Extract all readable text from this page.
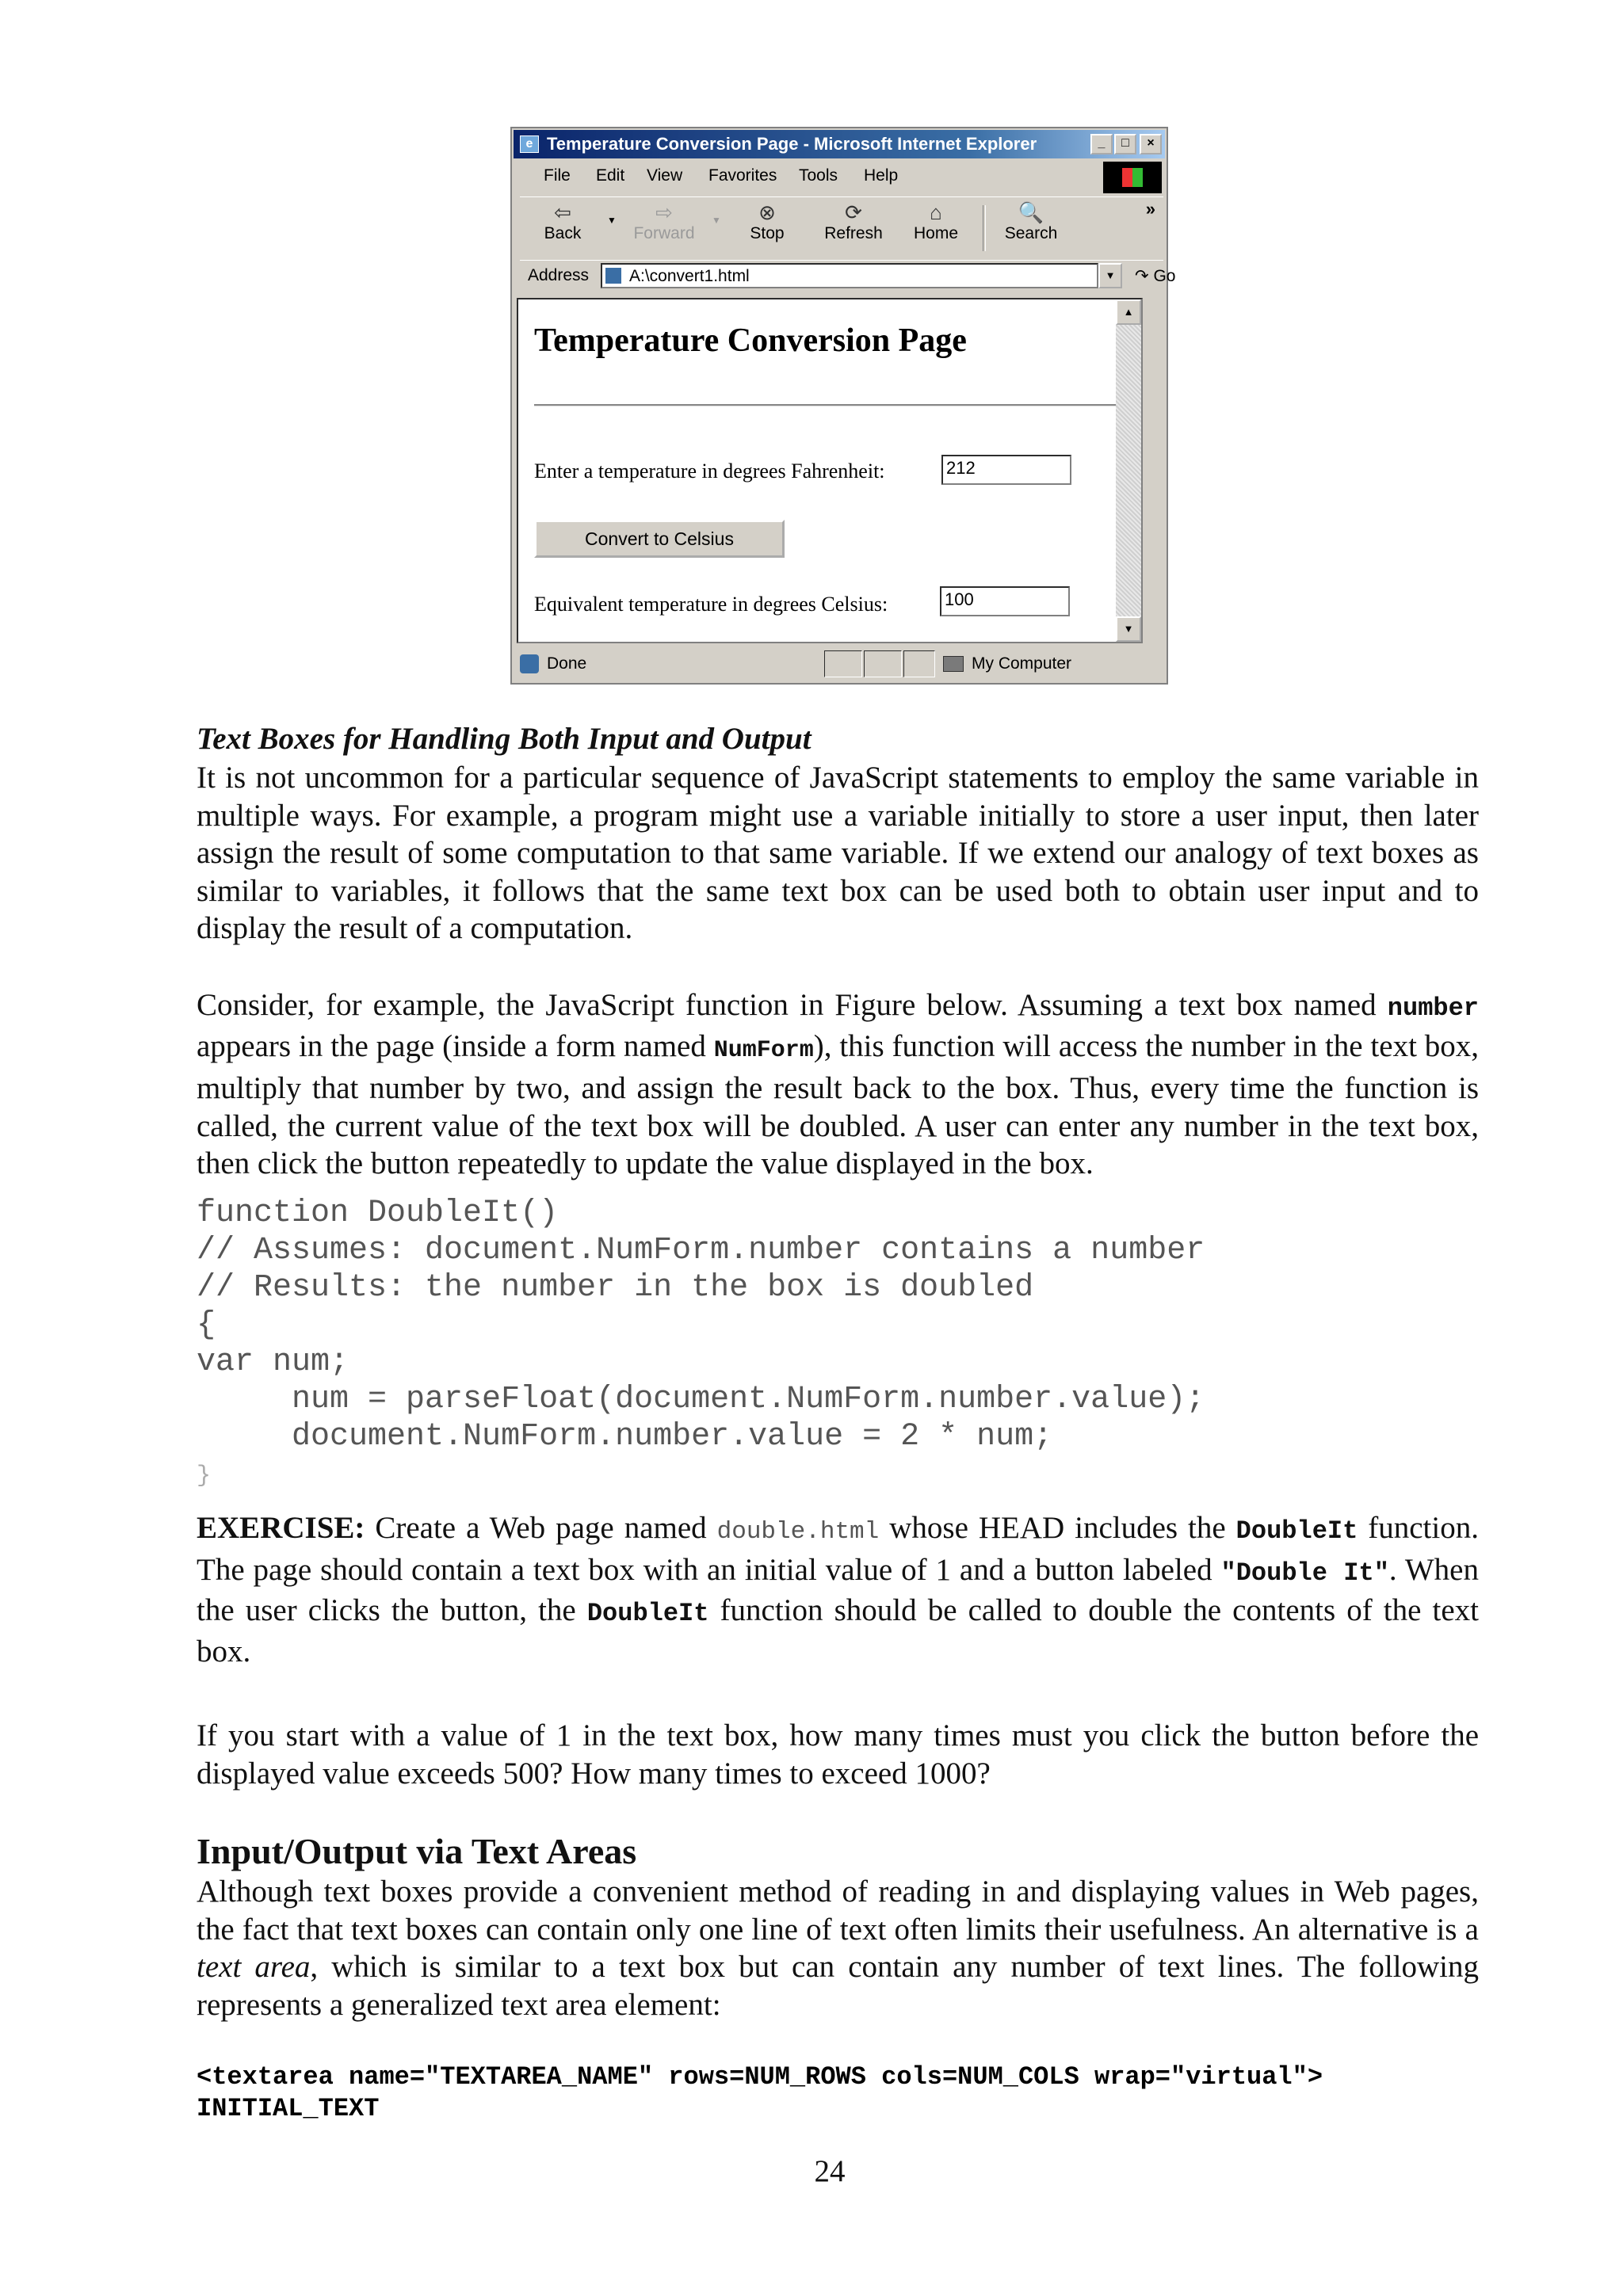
e Temperature Conversion Page - Microsoft Internet Explorer	_	□	×
File Edit View Favorites Tools Help
⇦
Back
▼	⇨
Forward
▼	⊗
Stop
⟳
Refresh
⌂
Home
🔍
Search
»
Address A:\convert1.html	▼	↷ Go
Temperature Conversion Page
Enter a temperature in degrees Fahrenheit:	212
Convert to Celsius
Equivalent temperature in degrees Celsius:	100
▲
▼
Done	My Computer
Text Boxes for Handling Both Input and Output

It is not uncommon for a particular sequence of JavaScript statements to employ the same variable in multiple ways. For example, a program might use a variable initially to store a user input, then later assign the result of some computation to that same variable. If we extend our analogy of text boxes as similar to variables, it follows that the same text box can be used both to obtain user input and to display the result of a computation.

Consider, for example, the JavaScript function in Figure below. Assuming a text box named number appears in the page (inside a form named NumForm), this function will access the number in the text box, multiply that number by two, and assign the result back to the box. Thus, every time the function is called, the current value of the text box will be doubled. A user can enter any number in the text box, then click the button repeatedly to update the value displayed in the box.

function DoubleIt()
// Assumes: document.NumForm.number contains a number
// Results: the number in the box is doubled
{
var num;
num = parseFloat(document.NumForm.number.value);
document.NumForm.number.value = 2 * num;
}

EXERCISE: Create a Web page named double.html whose HEAD includes the DoubleIt function. The page should contain a text box with an initial value of 1 and a button labeled "Double It". When the user clicks the button, the DoubleIt function should be called to double the contents of the text box.

If you start with a value of 1 in the text box, how many times must you click the button before the displayed value exceeds 500? How many times to exceed 1000?

Input/Output via Text Areas

Although text boxes provide a convenient method of reading in and displaying values in Web pages, the fact that text boxes can contain only one line of text often limits their usefulness. An alternative is a text area, which is similar to a text box but can contain any number of text lines. The following represents a generalized text area element:

<textarea name="TEXTAREA_NAME" rows=NUM_ROWS cols=NUM_COLS wrap="virtual">
INITIAL_TEXT
24
